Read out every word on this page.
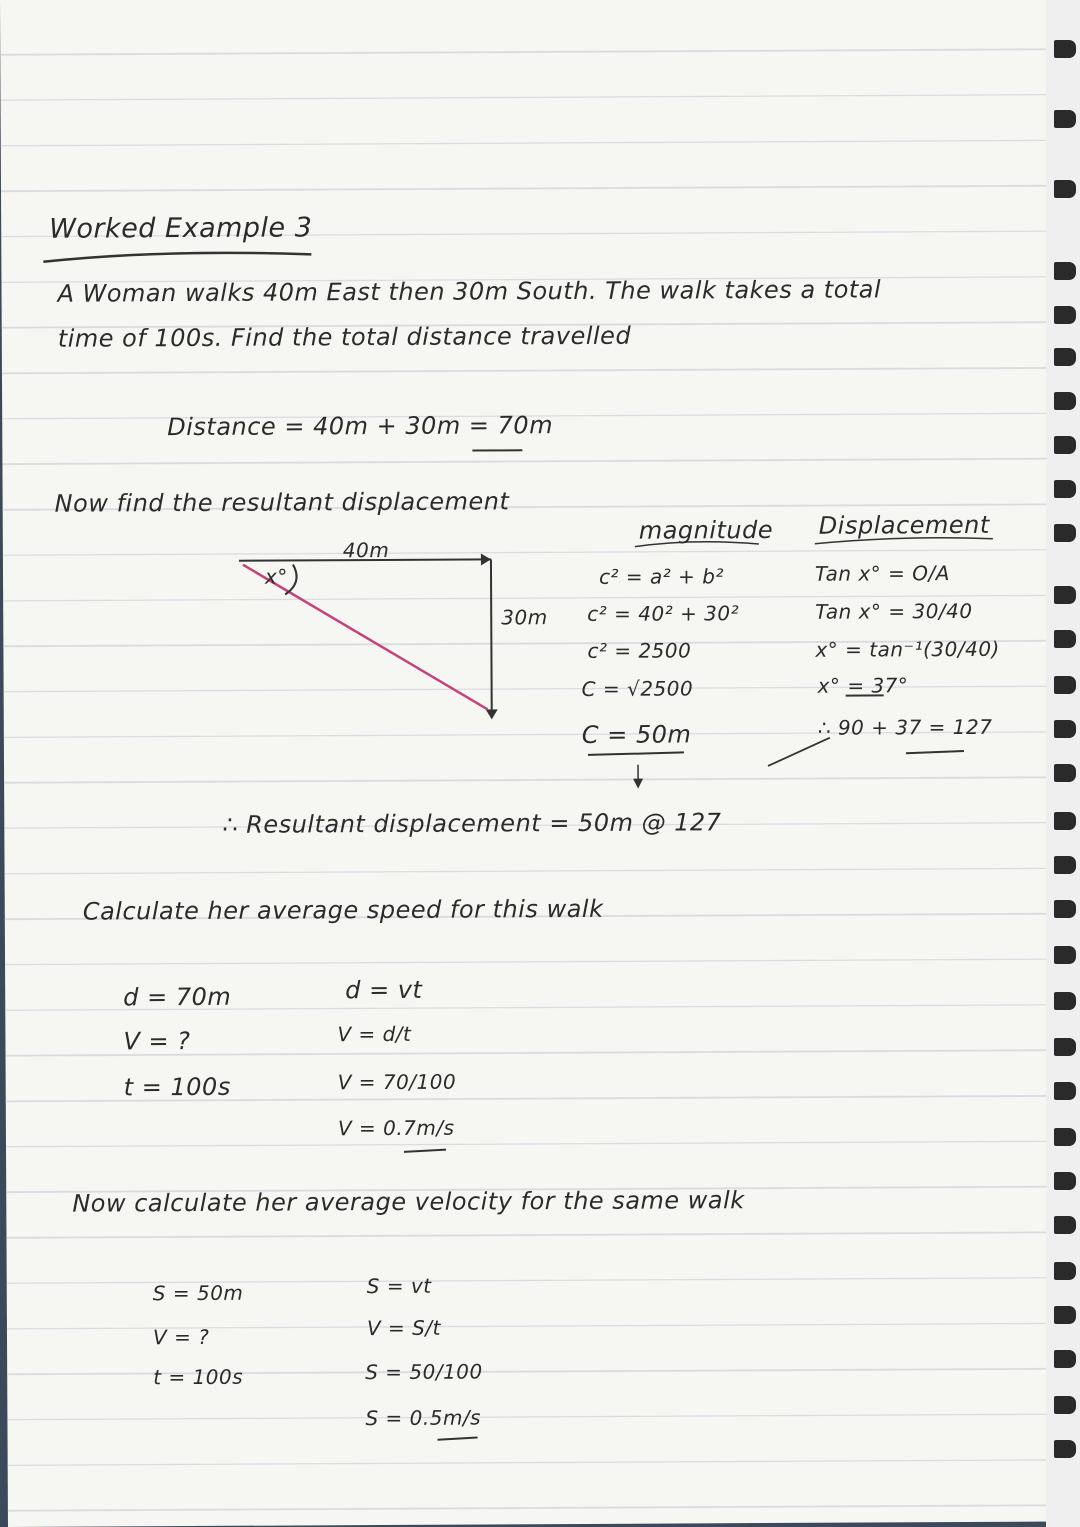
Worked Example 3
A Woman walks 40m East then 30m South. The walk takes a total
time of 100s. Find the total distance travelled
Distance = 40m + 30m = 70m
Now find the resultant displacement
40m
30m
x°
magnitude
c² = a² + b²
c² = 40² + 30²
c² = 2500
C = √2500
C = 50m
Displacement
Tan x° = O/A
Tan x° = 30/40
x° = tan⁻¹(30/40)
x° = 37°
∴ 90 + 37 = 127
∴ Resultant displacement = 50m @ 127
Calculate her average speed for this walk
d = 70m
V = ?
t = 100s
d = vt
V = d/t
V = 70/100
V = 0.7m/s
Now calculate her average velocity for the same walk
S = 50m
V = ?
t = 100s
S = vt
V = S/t
S = 50/100
S = 0.5m/s
